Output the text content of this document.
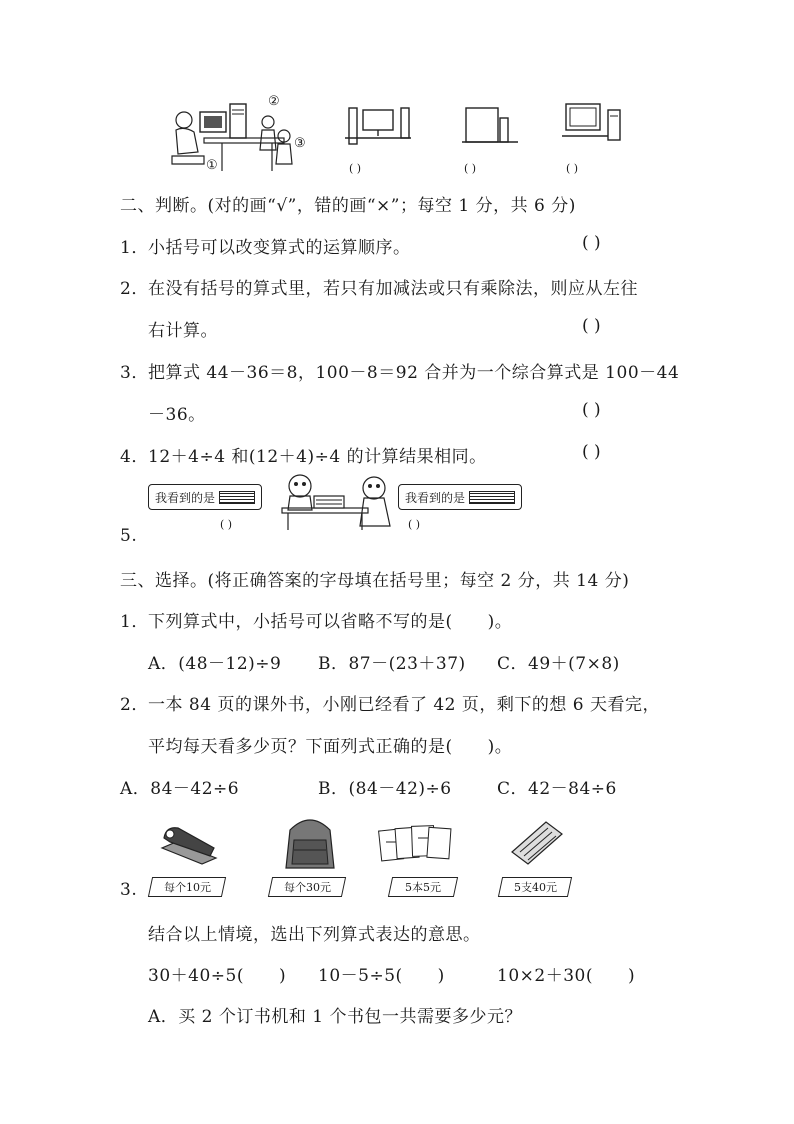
②
③
①	( )	( )	( )
二、判断。(对的画“√”，错的画“×”；每空 1 分，共 6 分)
1． 小括号可以改变算式的运算顺序。	( )
2． 在没有括号的算式里，若只有加减法或只有乘除法，则应从左往
右计算。	( )
3． 把算式 44－36＝8，100－8＝92 合并为一个综合算式是 100－44
－36。	( )
4． 12＋4÷4 和(12＋4)÷4 的计算结果相同。	( )
我看到的是	我看到的是
( )	( )
5.
三、选择。(将正确答案的字母填在括号里；每空 2 分，共 14 分)
1． 下列算式中，小括号可以省略不写的是(　　)。
A．(48－12)÷9 B．87－(23＋37) C．49＋(7×8)
2． 一本 84 页的课外书，小刚已经看了 42 页，剩下的想 6 天看完，
平均每天看多少页？下面列式正确的是(　　)。
A．84－42÷6	B．(84－42)÷6	C．42－84÷6
每个10元	每个30元	5本5元	5支40元
3.
结合以上情境，选出下列算式表达的意思。
30＋40÷5(　　) 10－5÷5(　　)	10×2＋30(　　)
A．买 2 个订书机和 1 个书包一共需要多少元？
